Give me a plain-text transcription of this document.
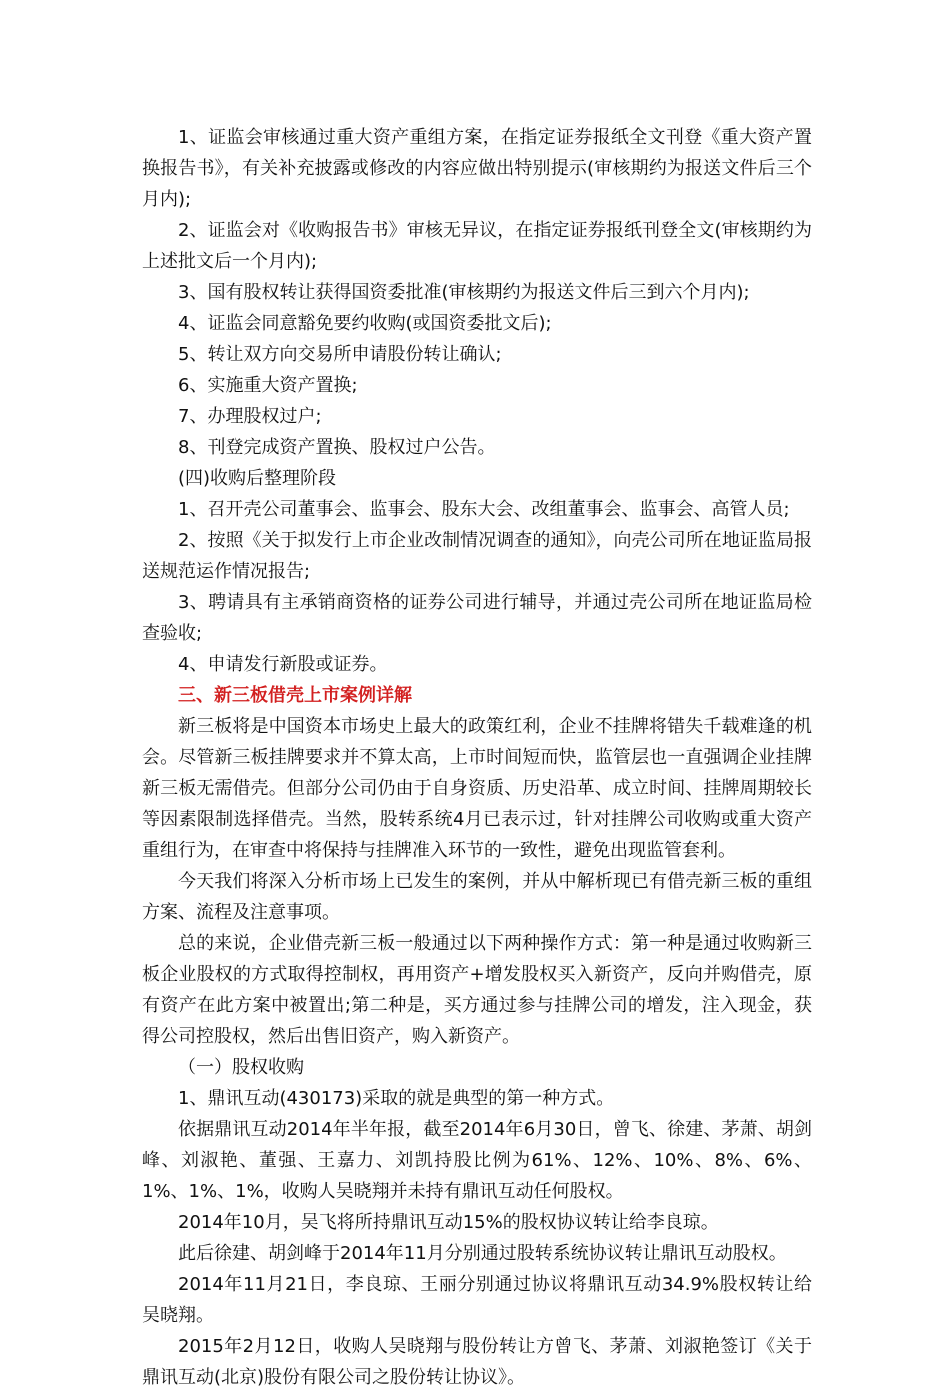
1、证监会审核通过重大资产重组方案，在指定证券报纸全文刊登《重大资产置换报告书》，有关补充披露或修改的内容应做出特别提示(审核期约为报送文件后三个月内);

2、证监会对《收购报告书》审核无异议，在指定证券报纸刊登全文(审核期约为上述批文后一个月内);

3、国有股权转让获得国资委批准(审核期约为报送文件后三到六个月内);

4、证监会同意豁免要约收购(或国资委批文后);

5、转让双方向交易所申请股份转让确认;

6、实施重大资产置换;

7、办理股权过户;

8、刊登完成资产置换、股权过户公告。

(四)收购后整理阶段

1、召开壳公司董事会、监事会、股东大会、改组董事会、监事会、高管人员;

2、按照《关于拟发行上市企业改制情况调查的通知》，向壳公司所在地证监局报送规范运作情况报告;

3、聘请具有主承销商资格的证券公司进行辅导，并通过壳公司所在地证监局检查验收;

4、申请发行新股或证券。

三、新三板借壳上市案例详解

新三板将是中国资本市场史上最大的政策红利，企业不挂牌将错失千载难逢的机会。尽管新三板挂牌要求并不算太高，上市时间短而快，监管层也一直强调企业挂牌新三板无需借壳。但部分公司仍由于自身资质、历史沿革、成立时间、挂牌周期较长等因素限制选择借壳。当然，股转系统4月已表示过，针对挂牌公司收购或重大资产重组行为，在审查中将保持与挂牌准入环节的一致性，避免出现监管套利。

今天我们将深入分析市场上已发生的案例，并从中解析现已有借壳新三板的重组方案、流程及注意事项。

总的来说，企业借壳新三板一般通过以下两种操作方式：第一种是通过收购新三板企业股权的方式取得控制权，再用资产+增发股权买入新资产，反向并购借壳，原有资产在此方案中被置出;第二种是，买方通过参与挂牌公司的增发，注入现金，获得公司控股权，然后出售旧资产，购入新资产。

（一）股权收购

1、鼎讯互动(430173)采取的就是典型的第一种方式。

依据鼎讯互动2014年半年报，截至2014年6月30日，曾飞、徐建、茅萧、胡剑峰、刘淑艳、董强、王嘉力、刘凯持股比例为61%、12%、10%、8%、6%、1%、1%、1%，收购人吴晓翔并未持有鼎讯互动任何股权。

2014年10月，吴飞将所持鼎讯互动15%的股权协议转让给李良琼。

此后徐建、胡剑峰于2014年11月分别通过股转系统协议转让鼎讯互动股权。

2014年11月21日，李良琼、王丽分别通过协议将鼎讯互动34.9%股权转让给吴晓翔。

2015年2月12日，收购人吴晓翔与股份转让方曾飞、茅萧、刘淑艳签订《关于鼎讯互动(北京)股份有限公司之股份转让协议》。
